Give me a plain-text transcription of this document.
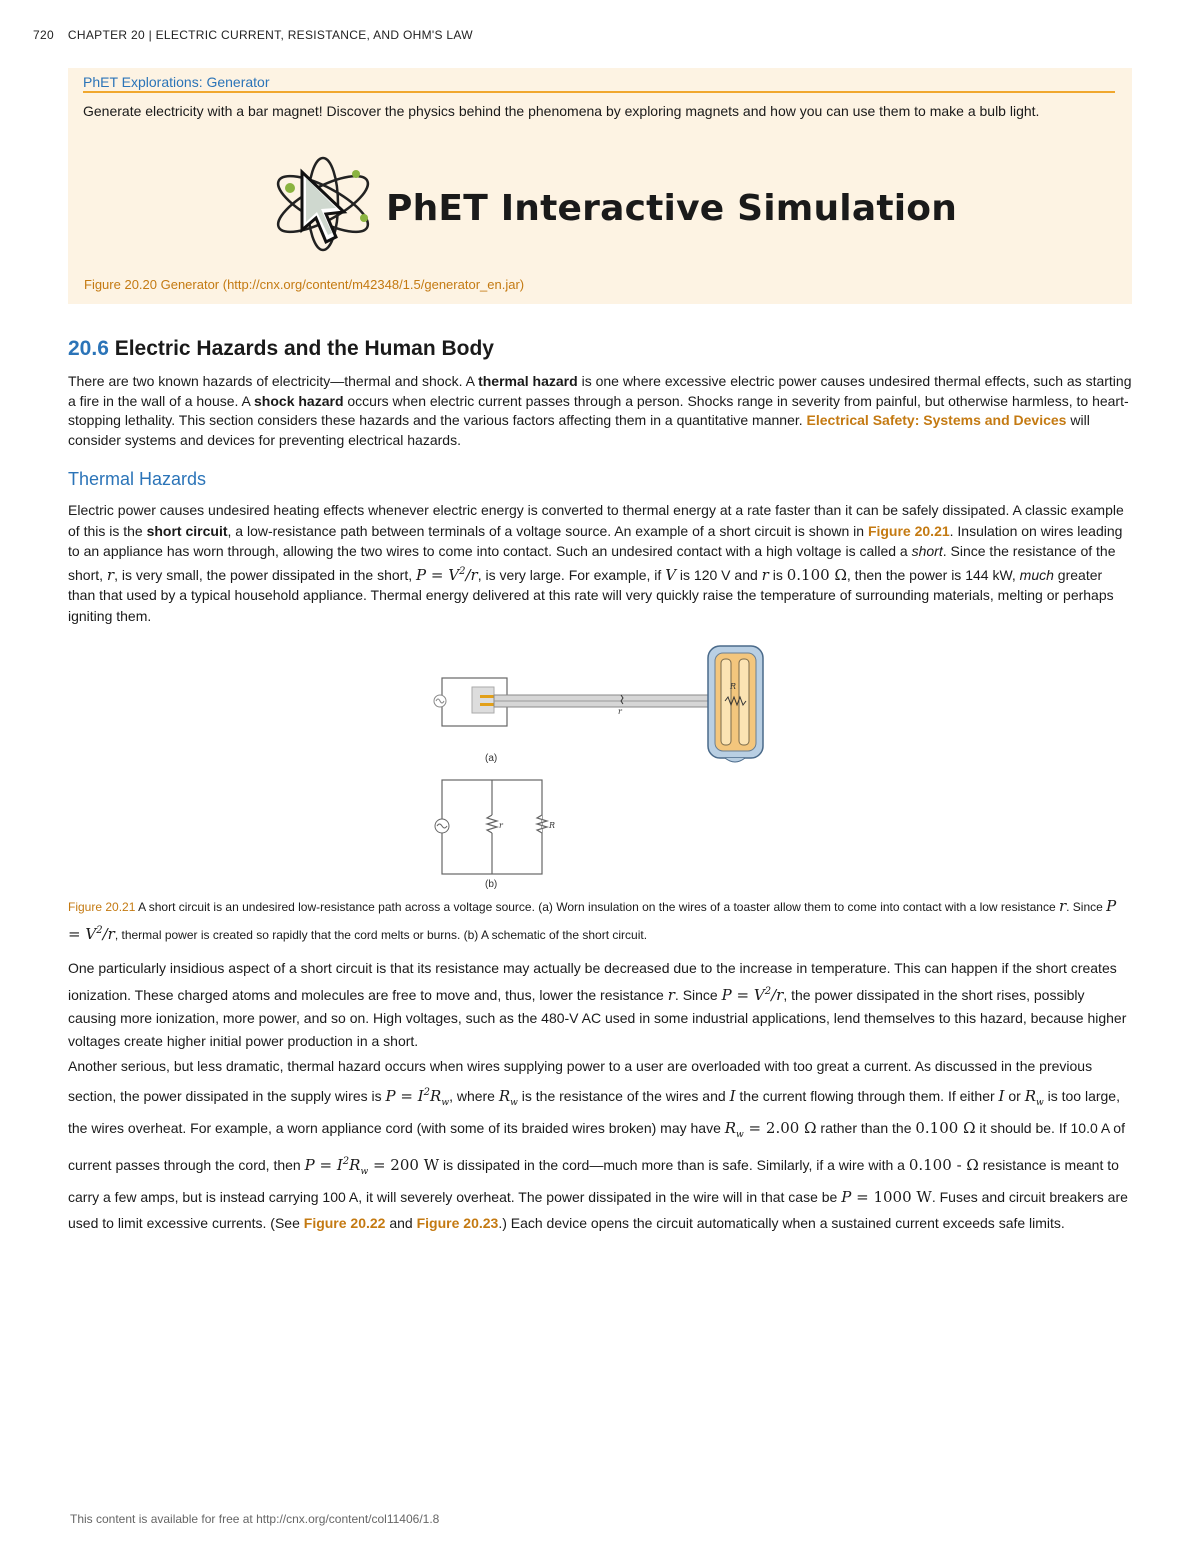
720 CHAPTER 20 | ELECTRIC CURRENT, RESISTANCE, AND OHM'S LAW
PhET Explorations: Generator
Generate electricity with a bar magnet! Discover the physics behind the phenomena by exploring magnets and how you can use them to make a bulb light.
PhET Interactive Simulation
Figure 20.20 Generator (http://cnx.org/content/m42348/1.5/generator_en.jar)
20.6 Electric Hazards and the Human Body
There are two known hazards of electricity—thermal and shock. A thermal hazard is one where excessive electric power causes undesired thermal effects, such as starting a fire in the wall of a house. A shock hazard occurs when electric current passes through a person. Shocks range in severity from painful, but otherwise harmless, to heart-stopping lethality. This section considers these hazards and the various factors affecting them in a quantitative manner. Electrical Safety: Systems and Devices will consider systems and devices for preventing electrical hazards.
Thermal Hazards
Electric power causes undesired heating effects whenever electric energy is converted to thermal energy at a rate faster than it can be safely dissipated. A classic example of this is the short circuit, a low-resistance path between terminals of a voltage source. An example of a short circuit is shown in Figure 20.21. Insulation on wires leading to an appliance has worn through, allowing the two wires to come into contact. Such an undesired contact with a high voltage is called a short. Since the resistance of the short, r, is very small, the power dissipated in the short, $P = V^2/r$, is very large. For example, if V is 120 V and r is 0.100 Ω, then the power is 144 kW, much greater than that used by a typical household appliance. Thermal energy delivered at this rate will very quickly raise the temperature of surrounding materials, melting or perhaps igniting them.
r
R
(a)
r	R
(b)
Figure 20.21 A short circuit is an undesired low-resistance path across a voltage source. (a) Worn insulation on the wires of a toaster allow them to come into contact with a low resistance r. Since $P = V^2/r$, thermal power is created so rapidly that the cord melts or burns. (b) A schematic of the short circuit.
One particularly insidious aspect of a short circuit is that its resistance may actually be decreased due to the increase in temperature. This can happen if the short creates ionization. These charged atoms and molecules are free to move and, thus, lower the resistance r. Since $P = V^2/r$, the power dissipated in the short rises, possibly causing more ionization, more power, and so on. High voltages, such as the 480-V AC used in some industrial applications, lend themselves to this hazard, because higher voltages create higher initial power production in a short.
Another serious, but less dramatic, thermal hazard occurs when wires supplying power to a user are overloaded with too great a current. As discussed in the previous section, the power dissipated in the supply wires is $P = I^2R_w$, where $R_w$ is the resistance of the wires and I the current flowing through them. If either I or $R_w$ is too large, the wires overheat. For example, a worn appliance cord (with some of its braided wires broken) may have $R_w = 2.00$ Ω rather than the 0.100 Ω it should be. If 10.0 A of current passes through the cord, then $P = I^2R_w = 200$ W is dissipated in the cord—much more than is safe. Similarly, if a wire with a 0.100 - Ω resistance is meant to carry a few amps, but is instead carrying 100 A, it will severely overheat. The power dissipated in the wire will in that case be P = 1000 W. Fuses and circuit breakers are used to limit excessive currents. (See Figure 20.22 and Figure 20.23.) Each device opens the circuit automatically when a sustained current exceeds safe limits.
This content is available for free at http://cnx.org/content/col11406/1.8
